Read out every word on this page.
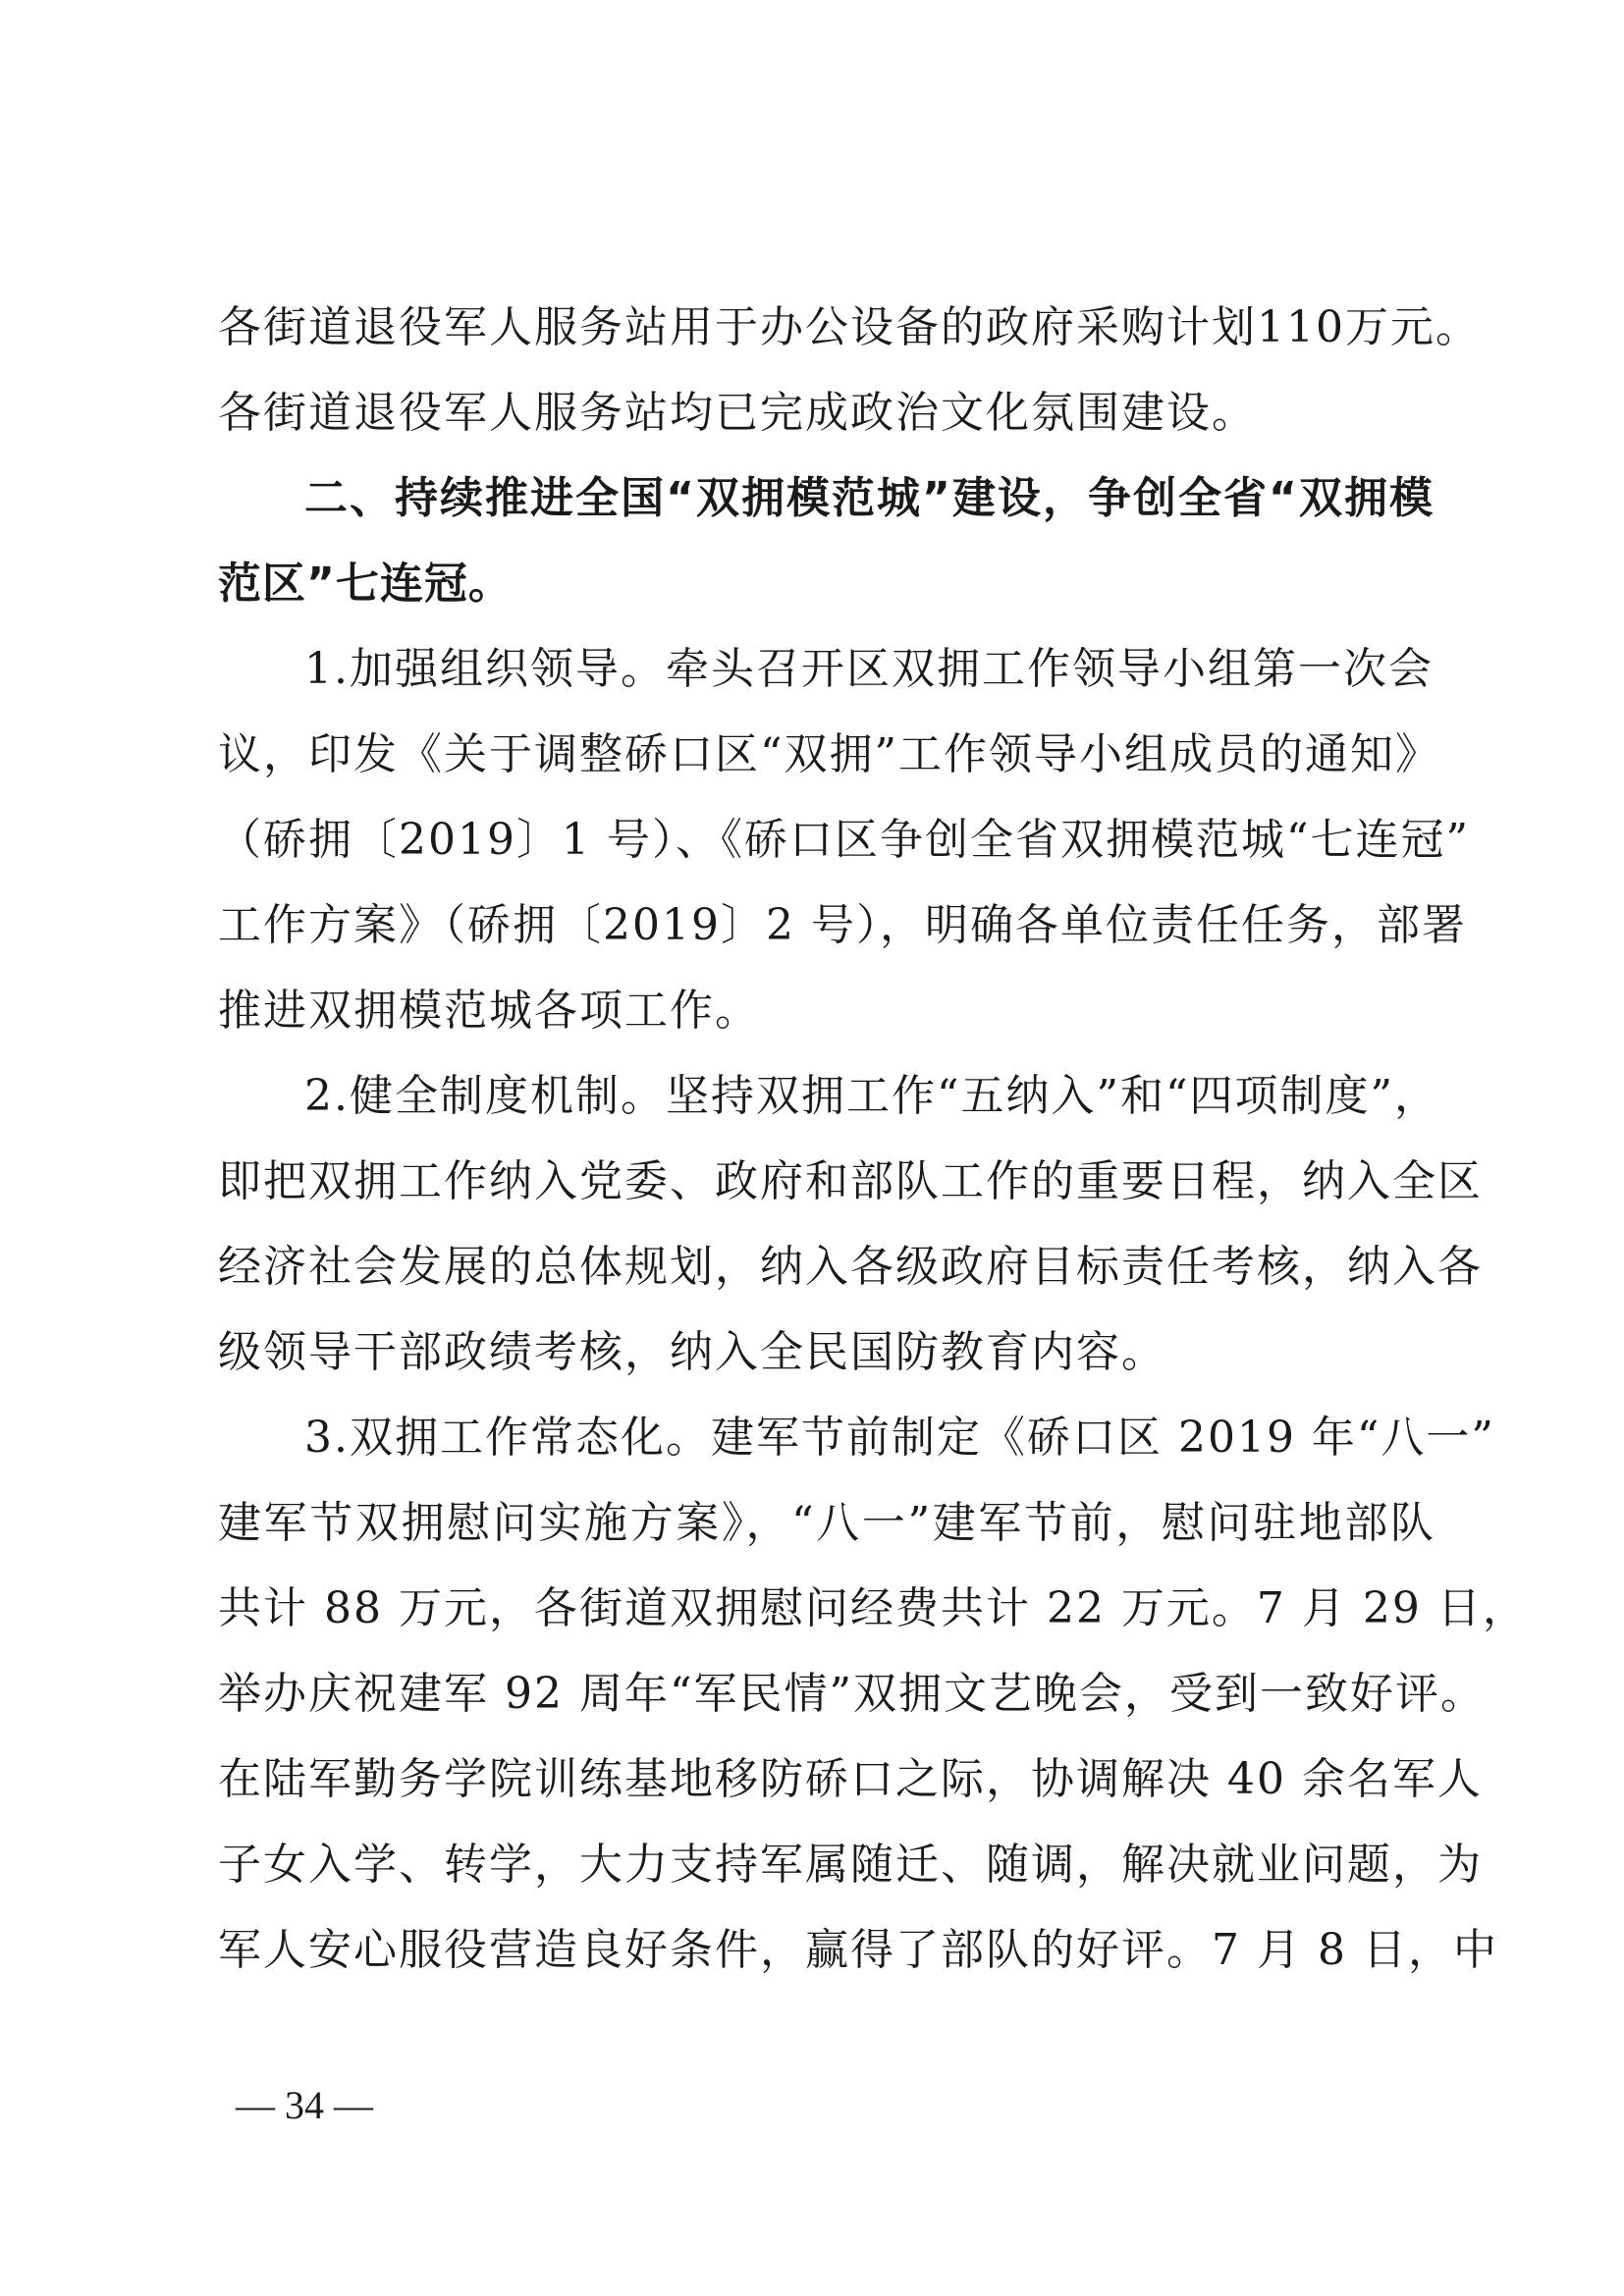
各街道退役军人服务站用于办公设备的政府采购计划110万元。
各街道退役军人服务站均已完成政治文化氛围建设。
二、持续推进全国“双拥模范城”建设，争创全省“双拥模
范区”七连冠。
1.加强组织领导。牵头召开区双拥工作领导小组第一次会
议，印发《关于调整硚口区“双拥”工作领导小组成员的通知》
（硚拥〔2019〕1 号）、《硚口区争创全省双拥模范城“七连冠”
工作方案》（硚拥〔2019〕2 号），明确各单位责任任务，部署
推进双拥模范城各项工作。
2.健全制度机制。坚持双拥工作“五纳入”和“四项制度”，
即把双拥工作纳入党委、政府和部队工作的重要日程，纳入全区
经济社会发展的总体规划，纳入各级政府目标责任考核，纳入各
级领导干部政绩考核，纳入全民国防教育内容。
3.双拥工作常态化。建军节前制定《硚口区 2019 年“八一”
建军节双拥慰问实施方案》，“八一”建军节前，慰问驻地部队
共计 88 万元，各街道双拥慰问经费共计 22 万元。7 月 29 日，
举办庆祝建军 92 周年“军民情”双拥文艺晚会，受到一致好评。
在陆军勤务学院训练基地移防硚口之际，协调解决 40 余名军人
子女入学、转学，大力支持军属随迁、随调，解决就业问题，为
军人安心服役营造良好条件，赢得了部队的好评。7 月 8 日，中
— 34 —
